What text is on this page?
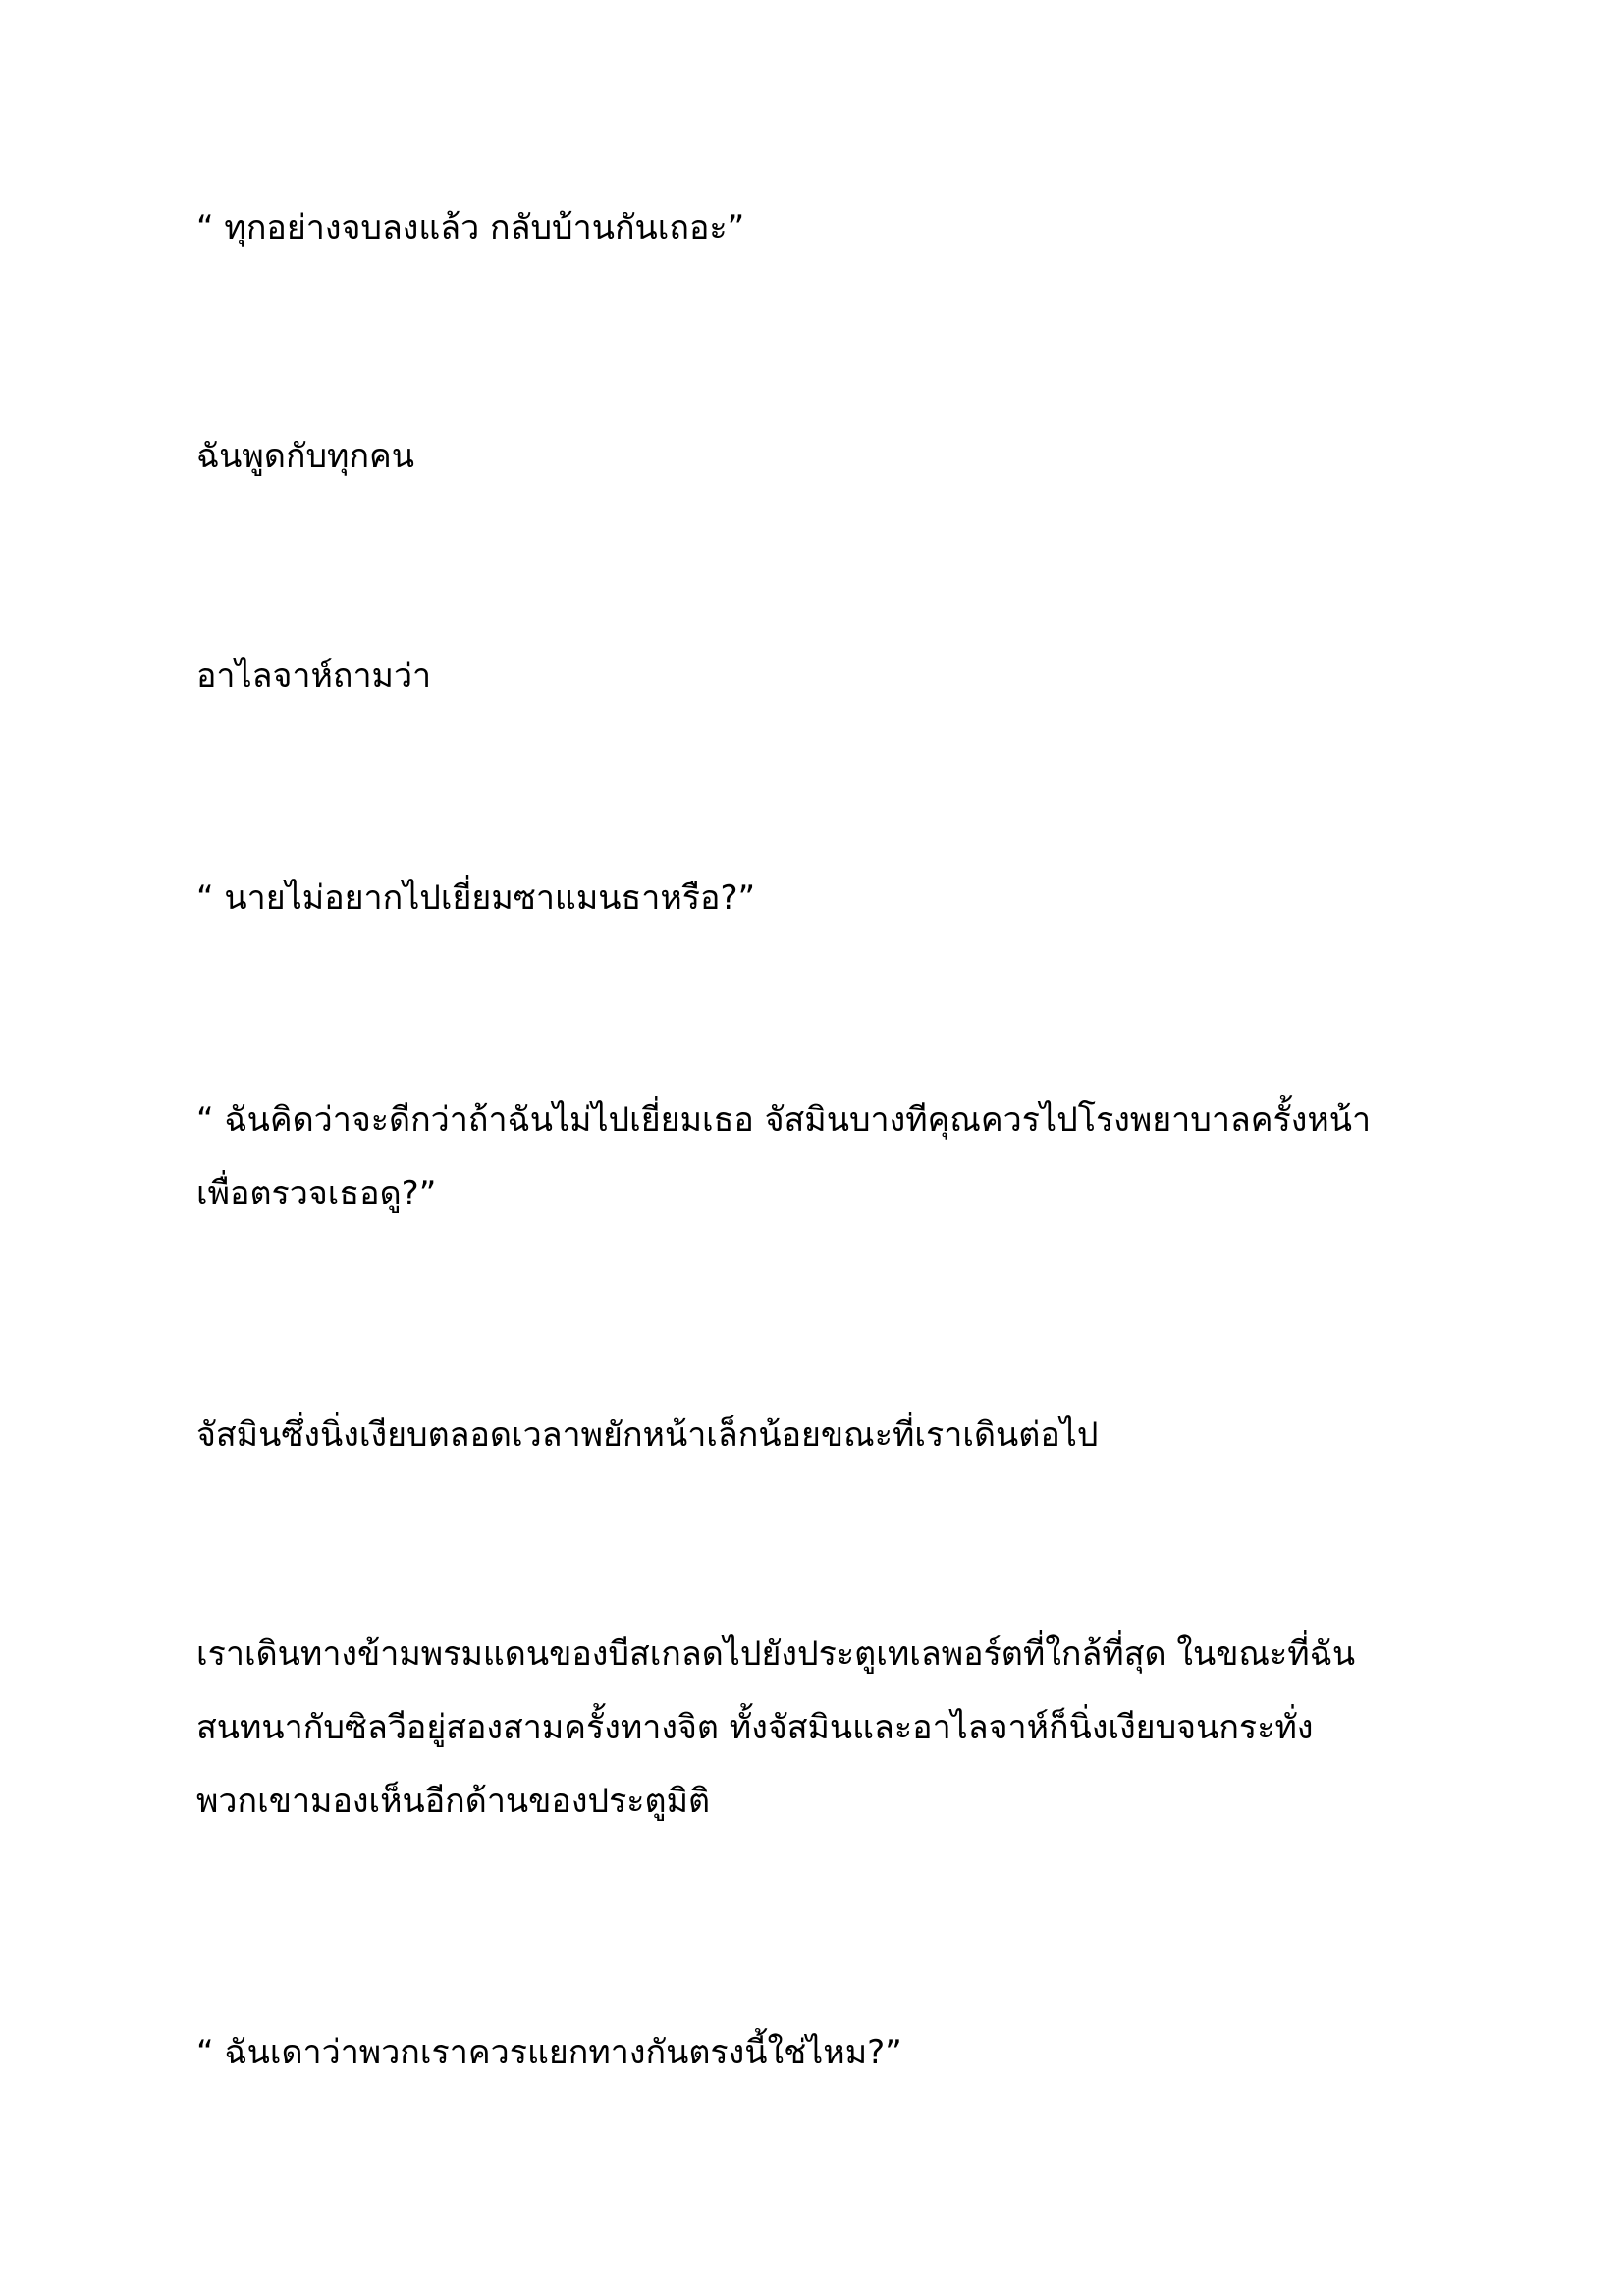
“ ทุกอย่างจบลงแล้ว กลับบ้านกันเถอะ”

ฉันพูดกับทุกคน

อาไลจาห์ถามว่า

“ นายไม่อยากไปเยี่ยมซาแมนธาหรือ?”

“ ฉันคิดว่าจะดีกว่าถ้าฉันไม่ไปเยี่ยมเธอ จัสมินบางทีคุณควรไปโรงพยาบาลครั้งหน้า
เพื่อตรวจเธอดู?”

จัสมินซึ่งนิ่งเงียบตลอดเวลาพยักหน้าเล็กน้อยขณะที่เราเดินต่อไป

เราเดินทางข้ามพรมแดนของบีสเกลดไปยังประตูเทเลพอร์ตที่ใกล้ที่สุด ในขณะที่ฉัน
สนทนากับซิลวีอยู่สองสามครั้งทางจิต ทั้งจัสมินและอาไลจาห์ก็นิ่งเงียบจนกระทั่ง
พวกเขามองเห็นอีกด้านของประตูมิติ

“ ฉันเดาว่าพวกเราควรแยกทางกันตรงนี้ใช่ไหม?”
